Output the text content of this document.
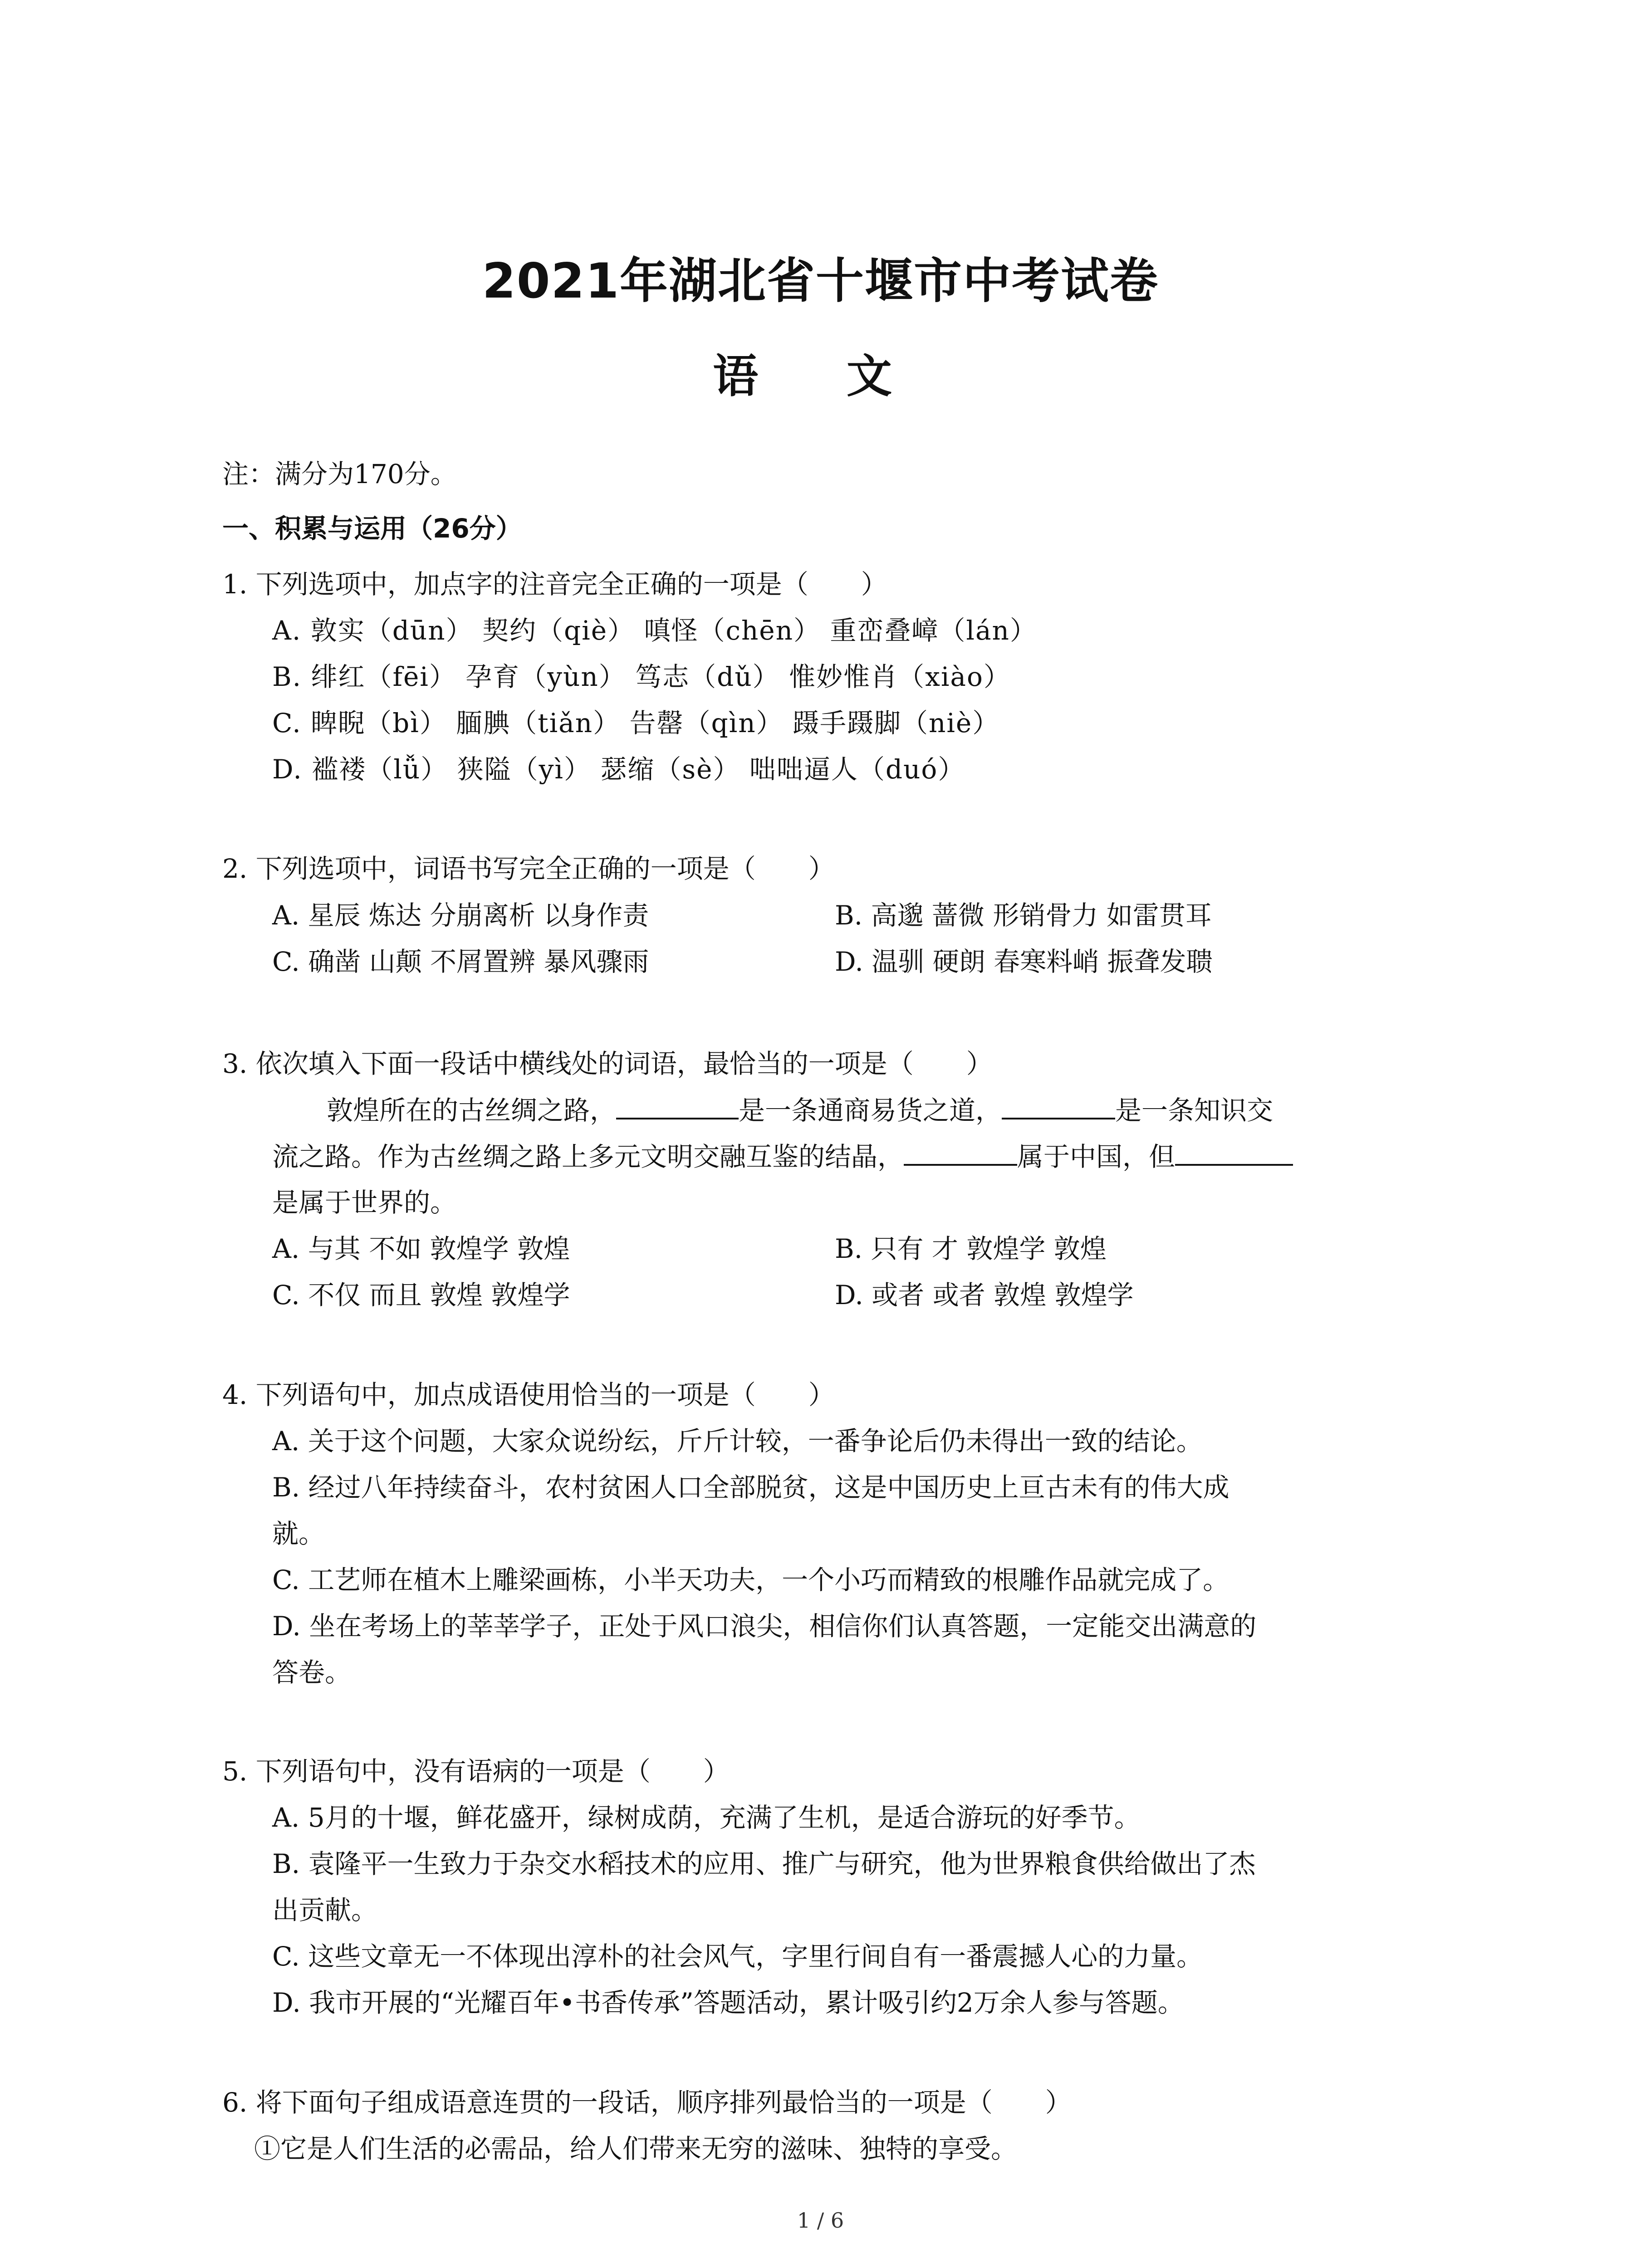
2021年湖北省十堰市中考试卷
语 文
注：满分为170分。
一、积累与运用（26分）
1. 下列选项中，加点字的注音完全正确的一项是（　　）
A. 敦实（dūn） 契约（qiè） 嗔怪（chēn） 重峦叠嶂（lán）
B. 绯红（fēi） 孕育（yùn） 笃志（dǔ） 惟妙惟肖（xiào）
C. 睥睨（bì） 腼腆（tiǎn） 告罄（qìn） 蹑手蹑脚（niè）
D. 褴褛（lǚ） 狭隘（yì） 瑟缩（sè） 咄咄逼人（duó）
2. 下列选项中，词语书写完全正确的一项是（　　）
A. 星辰 炼达 分崩离析 以身作责	B. 高邈 蔷微 形销骨力 如雷贯耳
C. 确凿 山颠 不屑置辨 暴风骤雨	D. 温驯 硬朗 春寒料峭 振聋发聩
3. 依次填入下面一段话中横线处的词语，最恰当的一项是（　　）
敦煌所在的古丝绸之路，	是一条通商易货之道，	是一条知识交
流之路。作为古丝绸之路上多元文明交融互鉴的结晶，	属于中国，但
是属于世界的。
A. 与其 不如 敦煌学 敦煌	B. 只有 才 敦煌学 敦煌
C. 不仅 而且 敦煌 敦煌学	D. 或者 或者 敦煌 敦煌学
4. 下列语句中，加点成语使用恰当的一项是（　　）
A. 关于这个问题，大家众说纷纭，斤斤计较，一番争论后仍未得出一致的结论。
B. 经过八年持续奋斗，农村贫困人口全部脱贫，这是中国历史上亘古未有的伟大成
就。
C. 工艺师在植木上雕梁画栋，小半天功夫，一个小巧而精致的根雕作品就完成了。
D. 坐在考场上的莘莘学子，正处于风口浪尖，相信你们认真答题，一定能交出满意的
答卷。
5. 下列语句中，没有语病的一项是（　　）
A. 5月的十堰，鲜花盛开，绿树成荫，充满了生机，是适合游玩的好季节。
B. 袁隆平一生致力于杂交水稻技术的应用、推广与研究，他为世界粮食供给做出了杰
出贡献。
C. 这些文章无一不体现出淳朴的社会风气，字里行间自有一番震撼人心的力量。
D. 我市开展的“光耀百年•书香传承”答题活动，累计吸引约2万余人参与答题。
6. 将下面句子组成语意连贯的一段话，顺序排列最恰当的一项是（　　）
①它是人们生活的必需品，给人们带来无穷的滋味、独特的享受。
1 / 6
